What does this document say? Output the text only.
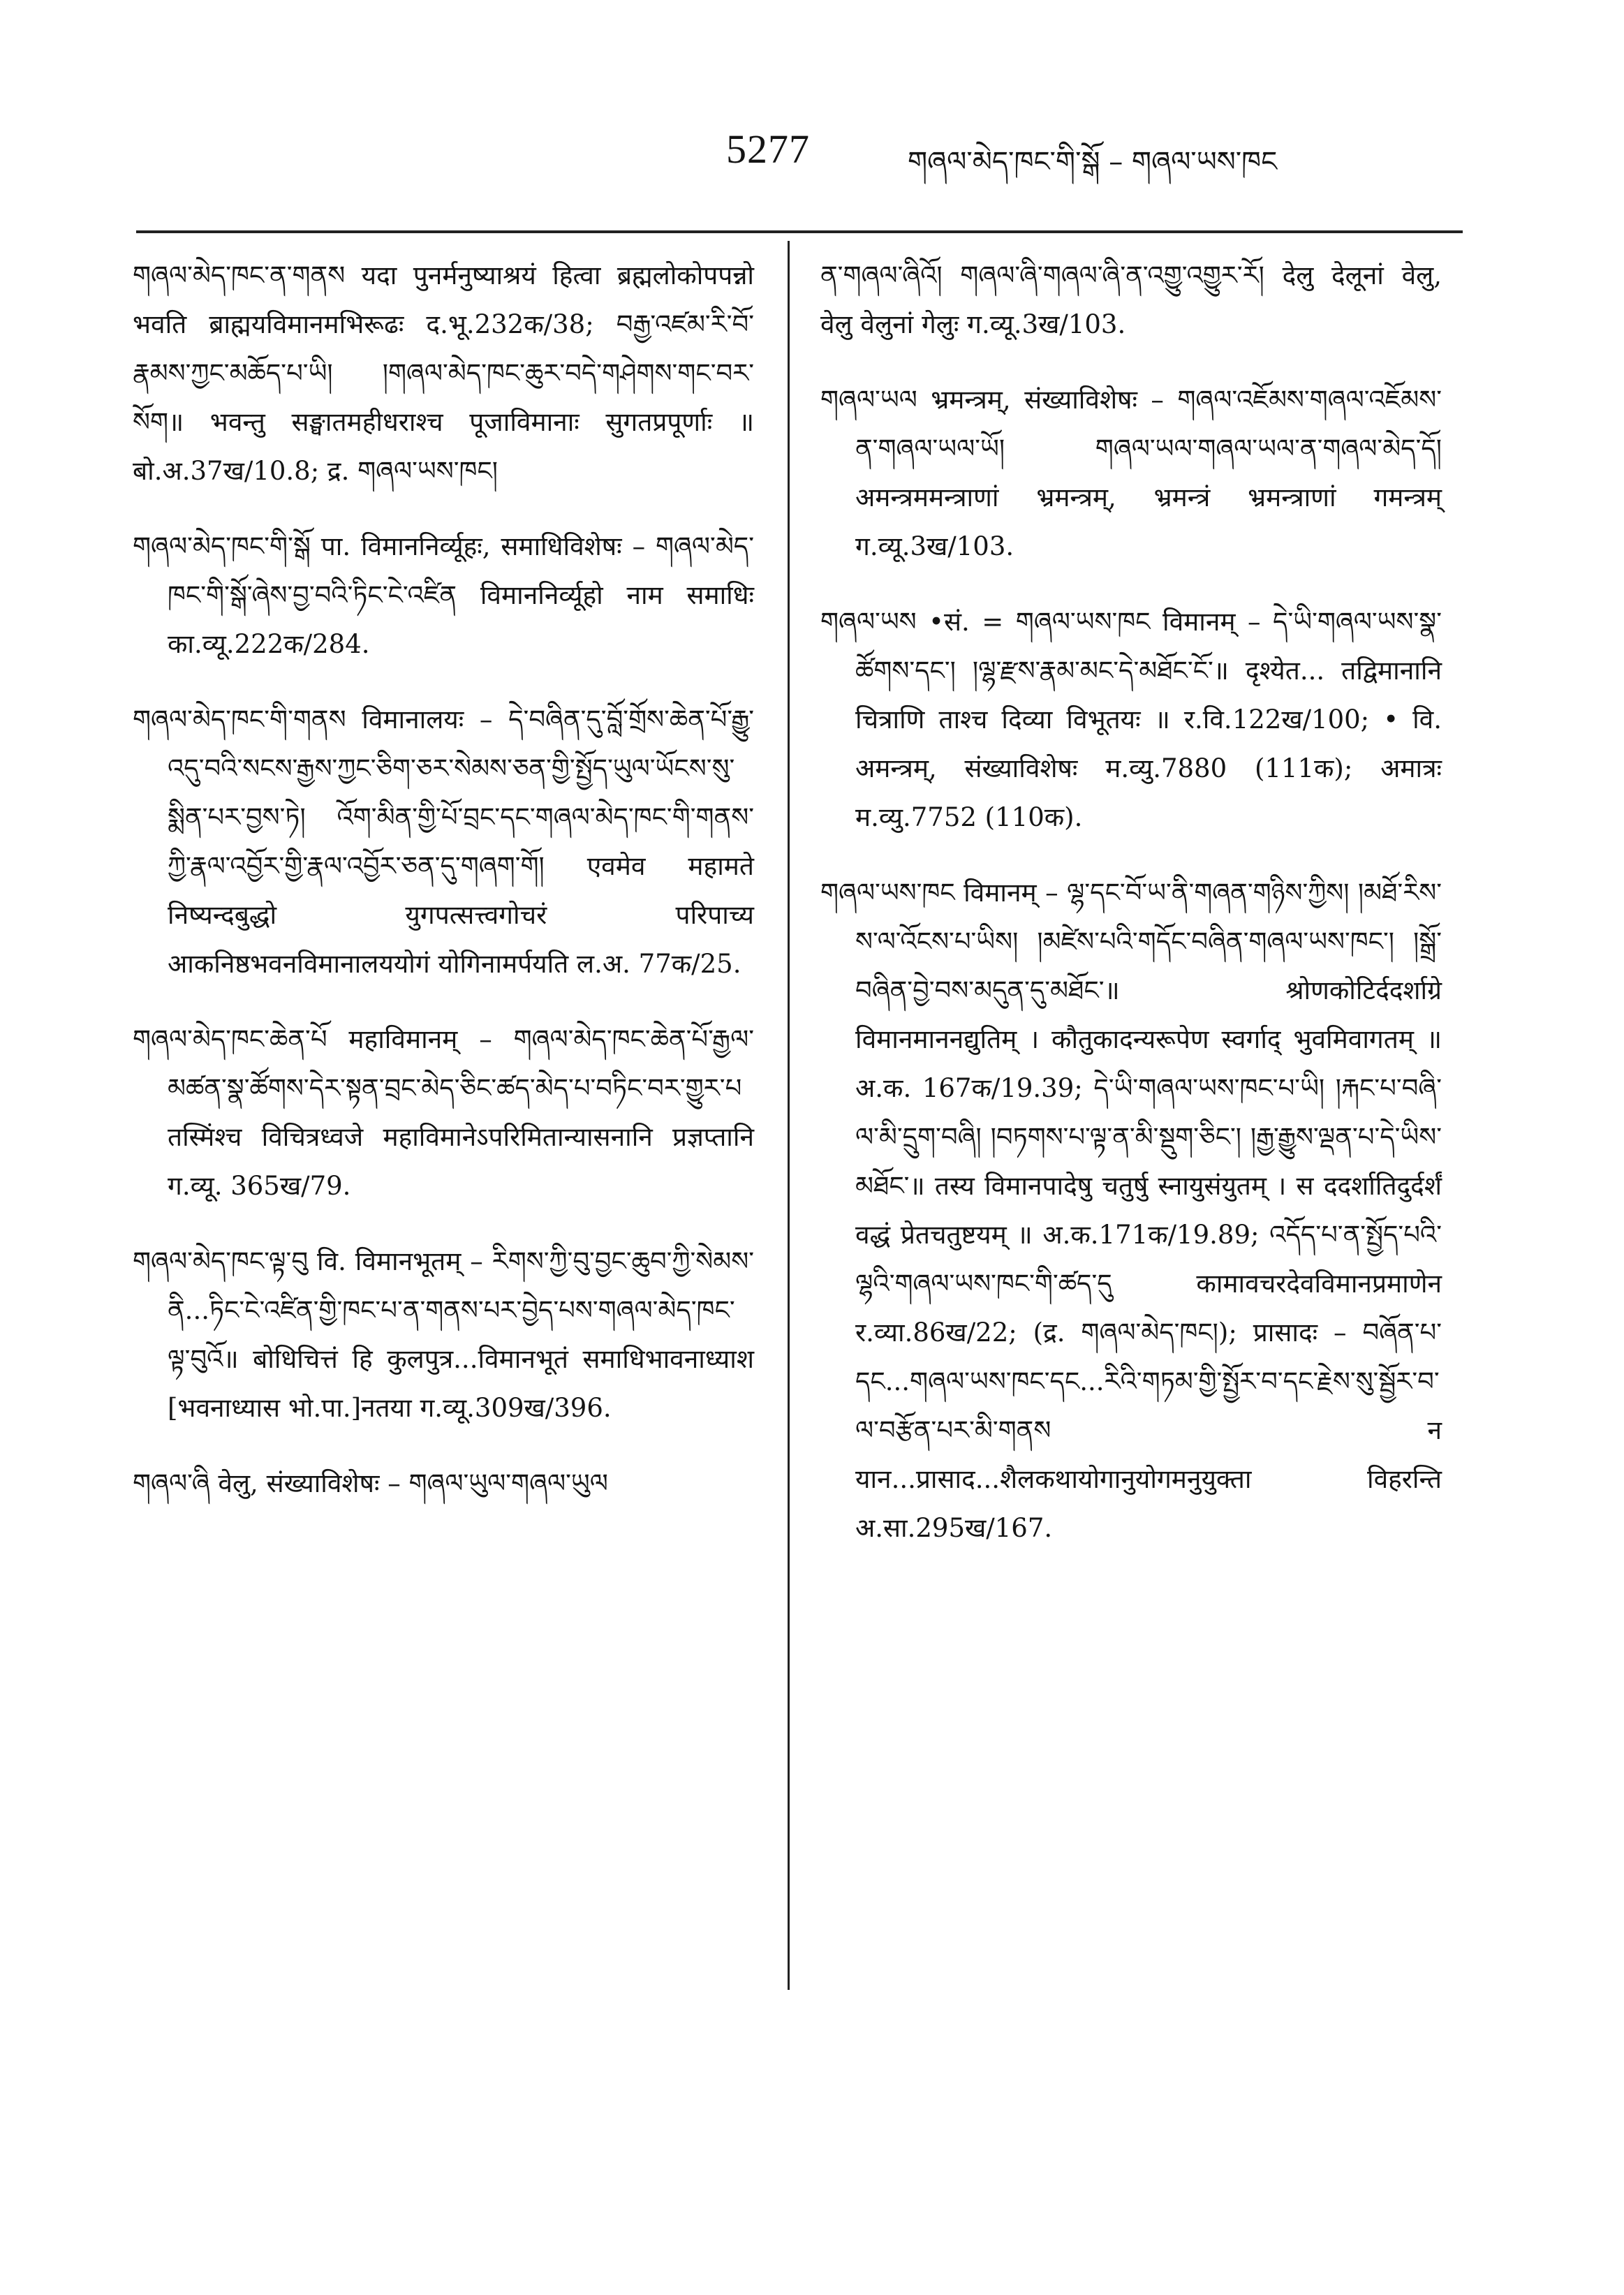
5277	གཞལ་མེད་ཁང་གི་སྒོ – གཞལ་ཡས་ཁང

གཞལ་མེད་ཁང་ན་གནས यदा पुनर्मनुष्याश्रयं हित्वा ब्रह्मलोकोपपन्नो भवति ब्राह्मयविमानमभिरूढः द.भू.232क/38; བརྒྱ་འཛམ་རི་བོ་རྣམས་ཀྱང་མཆོད་པ་ཡི། །གཞལ་མེད་ཁང་ཆུར་བདེ་གཤེགས་གང་བར་སོག॥ भवन्तु सङ्घातमहीधराश्च पूजाविमानाः सुगतप्रपूर्णाः ॥ बो.अ.37ख/10.8; द्र. གཞལ་ཡས་ཁང།

གཞལ་མེད་ཁང་གི་སྒོ पा. विमाननिर्व्यूहः, समाधिविशेषः – གཞལ་མེད་ཁང་གི་སྒོ་ཞེས་བྱ་བའི་ཏིང་ངེ་འཛིན विमाननिर्व्यूहो नाम समाधिः का.व्यू.222क/284.

གཞལ་མེད་ཁང་གི་གནས विमानालयः – དེ་བཞིན་དུ་བློ་གྲོས་ཆེན་པོ་རྒྱུ་འདུ་བའི་སངས་རྒྱས་ཀྱང་ཅིག་ཅར་སེམས་ཅན་གྱི་སྤྱོད་ཡུལ་ཡོངས་སུ་སྨིན་པར་བྱས་ཏེ། འོག་མིན་གྱི་པོ་བྲང་དང་གཞལ་མེད་ཁང་གི་གནས་ཀྱི་རྣལ་འབྱོར་གྱི་རྣལ་འབྱོར་ཅན་དུ་གཞག་གོ། एवमेव महामते निष्यन्दबुद्धो युगपत्सत्त्वगोचरं परिपाच्य आकनिष्ठभवनविमानालययोगं योगिनामर्पयति ल.अ. 77क/25.

གཞལ་མེད་ཁང་ཆེན་པོ महाविमानम् – གཞལ་མེད་ཁང་ཆེན་པོ་རྒྱལ་མཚན་སྣ་ཚོགས་དེར་སྟན་བྲང་མེད་ཅིང་ཚད་མེད་པ་བཏིང་བར་གྱུར་པ तस्मिंश्च विचित्रध्वजे महाविमानेऽपरिमितान्यासनानि प्रज्ञप्तानि ग.व्यू. 365ख/79.

གཞལ་མེད་ཁང་ལྟ་བུ वि. विमानभूतम् – རིགས་ཀྱི་བུ་བྱང་ཆུབ་ཀྱི་སེམས་ནི...ཏིང་ངེ་འཛིན་གྱི་ཁང་པ་ན་གནས་པར་བྱེད་པས་གཞལ་མེད་ཁང་ལྟ་བུའོ॥ बोधिचित्तं हि कुलपुत्र...विमानभूतं समाधिभावनाध्याश [भवनाध्यास भो.पा.]नतया ग.व्यू.309ख/396.

གཞལ་ཞི वेलु, संख्याविशेषः – གཞལ་ཡུལ་གཞལ་ཡུལ

ན་གཞལ་ཞིའོ། གཞལ་ཞི་གཞལ་ཞི་ན་འགྱུ་འགྱུར་རོ། देलु देलूनां वेलु, वेलु वेलुनां गेलुः ग.व्यू.3ख/103.

གཞལ་ཡལ भ्रमन्त्रम्, संख्याविशेषः – གཞལ་འཇོམས་གཞལ་འཇོམས་ན་གཞལ་ཡལ་ཡོ། གཞལ་ཡལ་གཞལ་ཡལ་ན་གཞལ་མེད་དོ། अमन्त्रममन्त्राणां भ्रमन्त्रम्, भ्रमन्त्रं भ्रमन्त्राणां गमन्त्रम् ग.व्यू.3ख/103.

གཞལ་ཡས •सं. = གཞལ་ཡས་ཁང विमानम् – དེ་ཡི་གཞལ་ཡས་སྣ་ཚོགས་དང་། །ལྷ་རྫས་རྣམ་མང་དེ་མཐོང་ངོ་॥ दृश्येत... तद्विमानानि चित्राणि ताश्च दिव्या विभूतयः ॥ र.वि.122ख/100; • वि. अमन्त्रम्, संख्याविशेषः म.व्यु.7880 (111क); अमात्रः म.व्यु.7752 (110क).

གཞལ་ཡས་ཁང विमानम् – ལྷ་དང་བོ་ཡ་ནི་གཞན་གཉིས་ཀྱིས། །མཐོ་རིས་ས་ལ་འོངས་པ་ཡིས། །མཛེས་པའི་གདོང་བཞིན་གཞལ་ཡས་ཁང་། །སྒྲོ་བཞིན་བྱེ་བས་མདུན་དུ་མཐོང་॥ श्रोणकोटिर्ददर्शाग्रे विमानमाननद्युतिम् । कौतुकादन्यरूपेण स्वर्गाद् भुवमिवागतम् ॥ अ.क. 167क/19.39; དེ་ཡི་གཞལ་ཡས་ཁང་པ་ཡི། །རྐང་པ་བཞི་ལ་མི་དྲུག་བཞི། །བཏགས་པ་ལྟ་ན་མི་སྡུག་ཅིང་། །རྒྱ་རྒྱུས་ལྡན་པ་དེ་ཡིས་མཐོང་॥ तस्य विमानपादेषु चतुर्षु स्नायुसंयुतम् । स ददर्शातिदुर्दर्शं वद्धं प्रेतचतुष्टयम् ॥ अ.क.171क/19.89; འདོད་པ་ན་སྤྱོད་པའི་ལྷའི་གཞལ་ཡས་ཁང་གི་ཚད་དུ कामावचरदेवविमानप्रमाणेन र.व्या.86ख/22; (द्र. གཞལ་མེད་ཁང།); प्रासादः – བཞོན་པ་དང...གཞལ་ཡས་ཁང་དང...རིའི་གཏམ་གྱི་སྤྱོར་བ་དང་རྗེས་སུ་སྦྱོར་བ་ལ་བརྩོན་པར་མི་གནས न यान...प्रासाद...शैलकथायोगानुयोगमनुयुक्ता विहरन्ति अ.सा.295ख/167.
